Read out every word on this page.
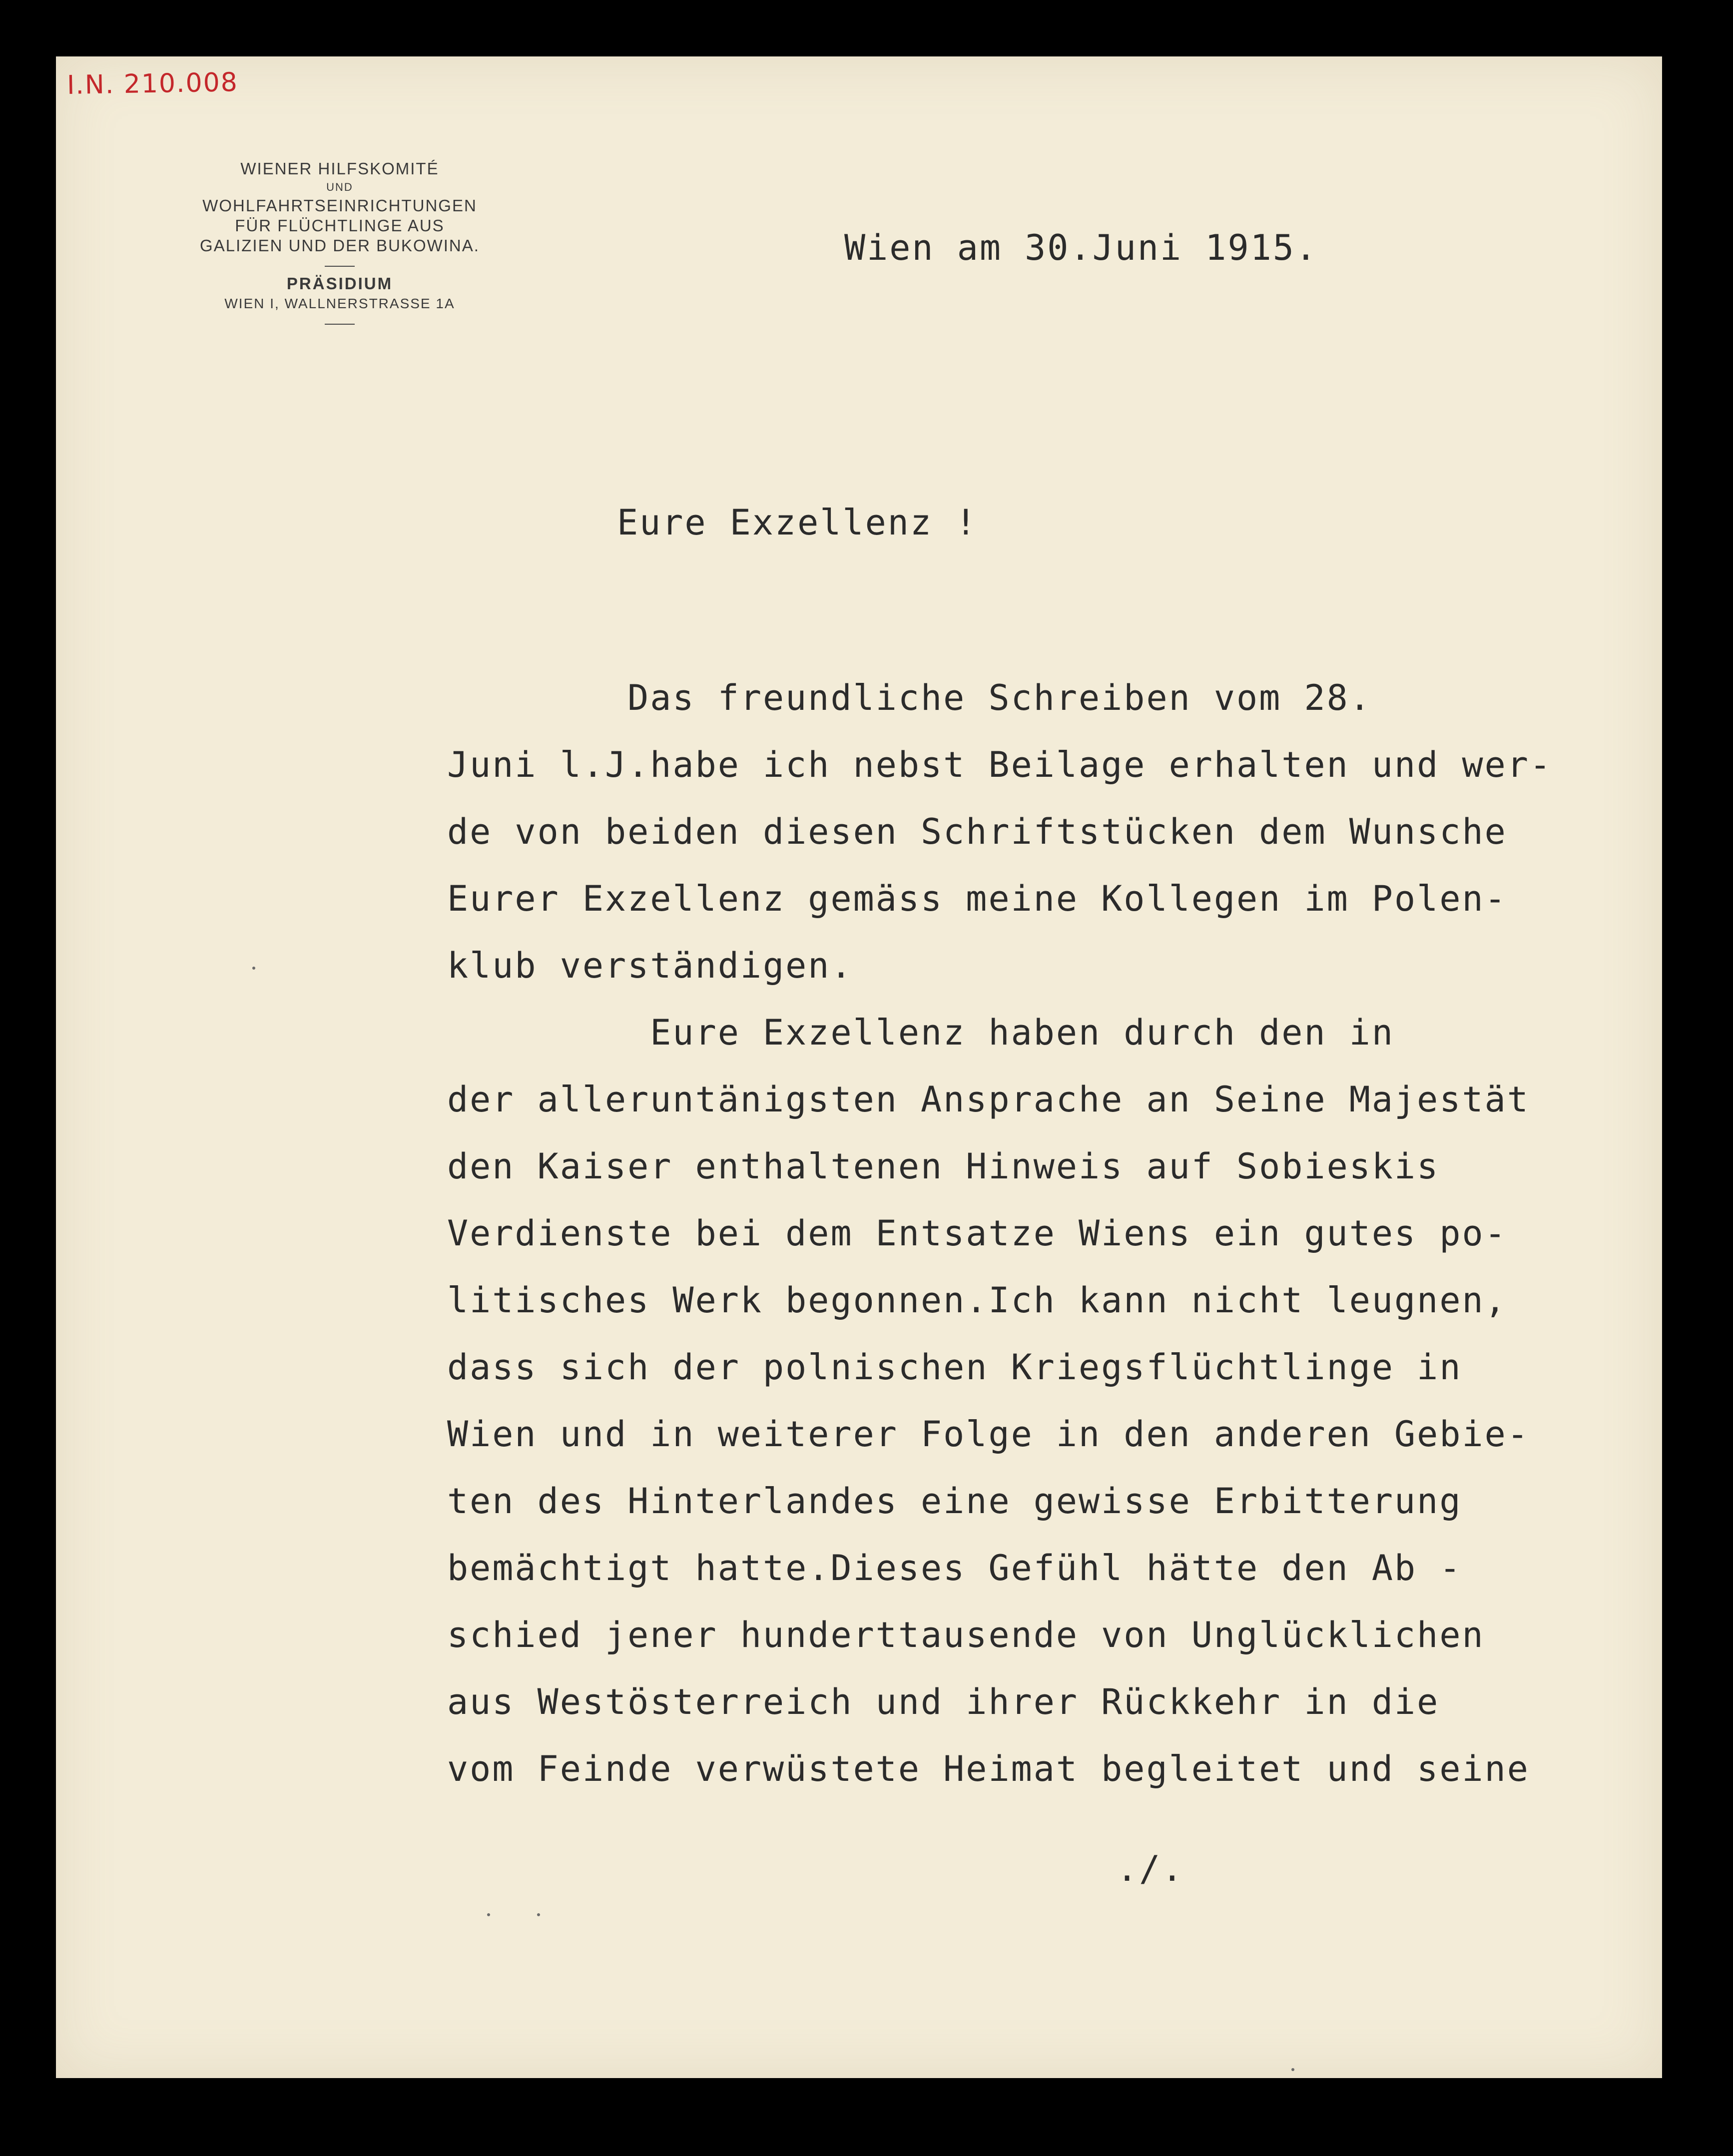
I.N. 210.008
WIENER HILFSKOMITÉ
UND
WOHLFAHRTSEINRICHTUNGEN
FÜR FLÜCHTLINGE AUS
GALIZIEN UND DER BUKOWINA.
PRÄSIDIUM
WIEN I, WALLNERSTRASSE 1A
Wien am 30.Juni 1915.
Eure Exzellenz !
Das freundliche Schreiben vom 28.
Juni l.J.habe ich nebst Beilage erhalten und wer-
de von beiden diesen Schriftstücken dem Wunsche
Eurer Exzellenz gemäss meine Kollegen im Polen-
klub verständigen.
Eure Exzellenz haben durch den in
der alleruntänigsten Ansprache an Seine Majestät
den Kaiser enthaltenen Hinweis auf Sobieskis
Verdienste bei dem Entsatze Wiens ein gutes po-
litisches Werk begonnen.Ich kann nicht leugnen,
dass sich der polnischen Kriegsflüchtlinge in
Wien und in weiterer Folge in den anderen Gebie-
ten des Hinterlandes eine gewisse Erbitterung
bemächtigt hatte.Dieses Gefühl hätte den Ab -
schied jener hunderttausende von Unglücklichen
aus Westösterreich und ihrer Rückkehr in die
vom Feinde verwüstete Heimat begleitet und seine
./.
